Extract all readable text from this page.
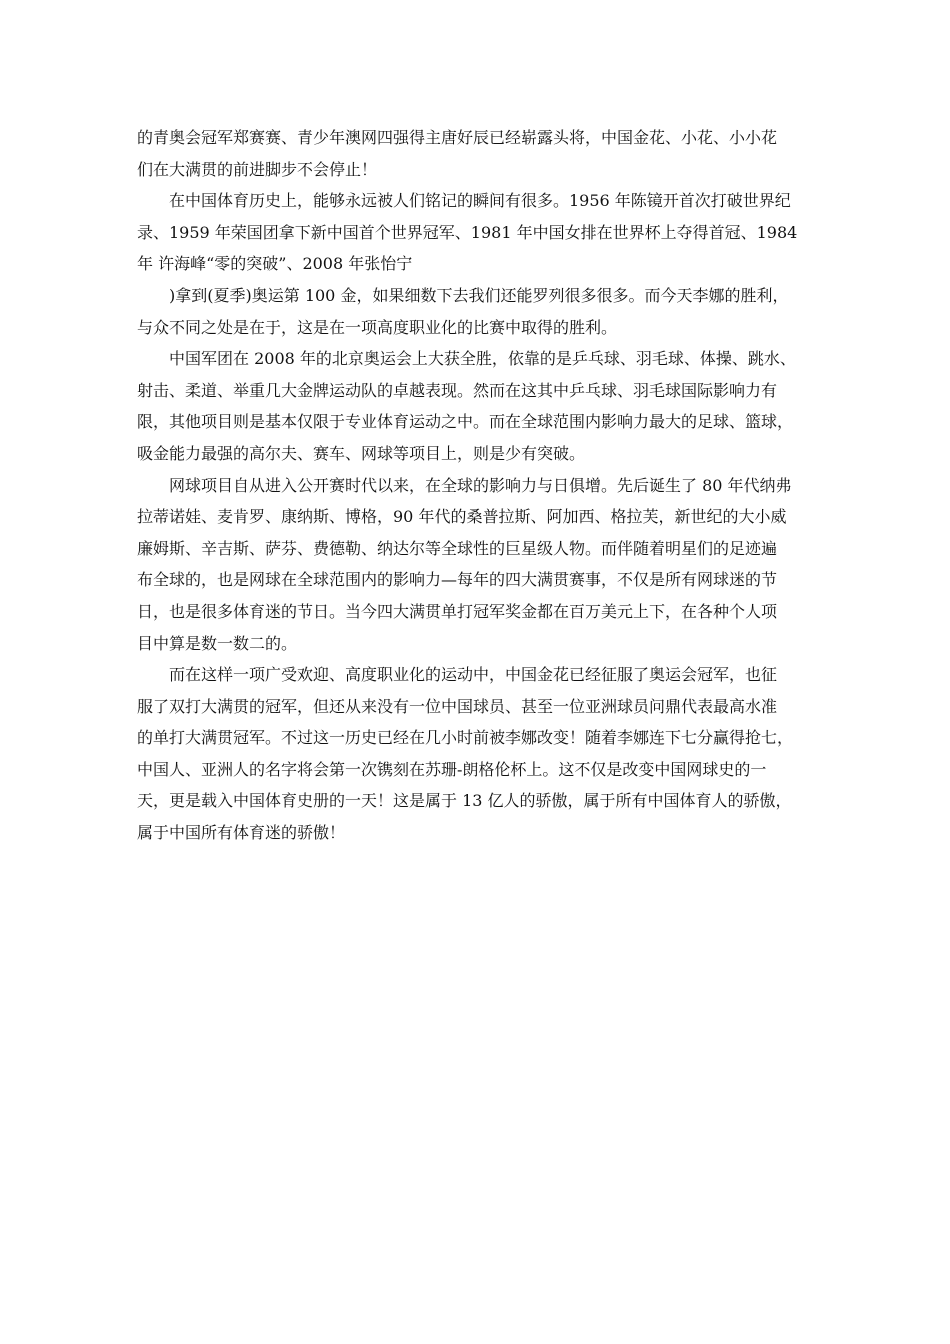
的青奥会冠军郑赛赛、青少年澳网四强得主唐好辰已经崭露头将，中国金花、小花、小小花
们在大满贯的前进脚步不会停止！
在中国体育历史上，能够永远被人们铭记的瞬间有很多。1956 年陈镜开首次打破世界纪
录、1959 年荣国团拿下新中国首个世界冠军、1981 年中国女排在世界杯上夺得首冠、1984
年 许海峰“零的突破”、2008 年张怡宁
)拿到(夏季)奥运第 100 金，如果细数下去我们还能罗列很多很多。而今天李娜的胜利，
与众不同之处是在于，这是在一项高度职业化的比赛中取得的胜利。
中国军团在 2008 年的北京奥运会上大获全胜，依靠的是乒乓球、羽毛球、体操、跳水、
射击、柔道、举重几大金牌运动队的卓越表现。然而在这其中乒乓球、羽毛球国际影响力有
限，其他项目则是基本仅限于专业体育运动之中。而在全球范围内影响力最大的足球、篮球，
吸金能力最强的高尔夫、赛车、网球等项目上，则是少有突破。
网球项目自从进入公开赛时代以来，在全球的影响力与日俱增。先后诞生了 80 年代纳弗
拉蒂诺娃、麦肯罗、康纳斯、博格，90 年代的桑普拉斯、阿加西、格拉芙，新世纪的大小威
廉姆斯、辛吉斯、萨芬、费德勒、纳达尔等全球性的巨星级人物。而伴随着明星们的足迹遍
布全球的，也是网球在全球范围内的影响力—每年的四大满贯赛事，不仅是所有网球迷的节
日，也是很多体育迷的节日。当今四大满贯单打冠军奖金都在百万美元上下，在各种个人项
目中算是数一数二的。
而在这样一项广受欢迎、高度职业化的运动中，中国金花已经征服了奥运会冠军，也征
服了双打大满贯的冠军，但还从来没有一位中国球员、甚至一位亚洲球员问鼎代表最高水准
的单打大满贯冠军。不过这一历史已经在几小时前被李娜改变！随着李娜连下七分赢得抢七，
中国人、亚洲人的名字将会第一次镌刻在苏珊-朗格伦杯上。这不仅是改变中国网球史的一
天，更是载入中国体育史册的一天！这是属于 13 亿人的骄傲，属于所有中国体育人的骄傲，
属于中国所有体育迷的骄傲！
